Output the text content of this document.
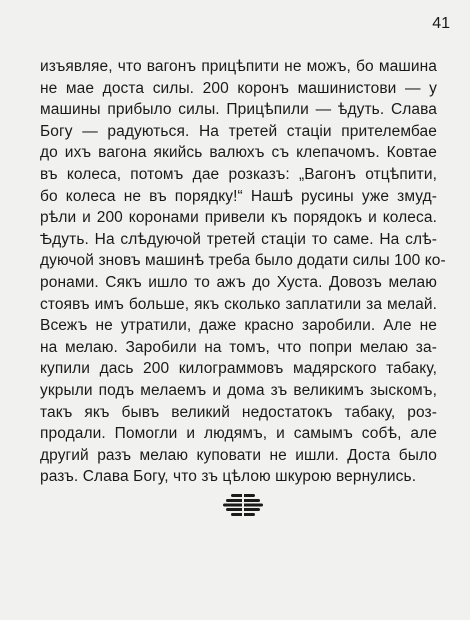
41
изъявляе, что вагонъ прицѣпити не можъ, бо машина
не мае доста силы. 200 коронъ машинистови — у
машины прибыло силы. Прицѣпили — ѣдуть. Слава
Богу — радуються. На третей стаціи прителембае
до ихъ вагона якийсь валюхъ съ клепачомъ. Ковтае
въ колеса, потомъ дае розказъ: „Вагонъ отцѣпити,
бо колеса не въ порядку!“ Нашѣ русины уже змуд-
рѣли и 200 коронами привели къ порядокъ и колеса.
Ѣдуть. На слѣдуючой третей стаціи то саме. На слѣ-
дуючой зновъ машинѣ треба было додати силы 100 ко-
ронами. Сякъ ишло то ажъ до Хуста. Довозъ мелаю
стоявъ имъ больше, якъ сколько заплатили за мелай.
Всежъ не утратили, даже красно заробили. Але не
на мелаю. Заробили на томъ, что попри мелаю за-
купили дась 200 килограммовъ мадярского табаку,
укрыли подъ мелаемъ и дома зъ великимъ зыскомъ,
такъ якъ бывъ великий недостатокъ табаку, роз-
продали. Помогли и людямъ, и самымъ собѣ, але
другий разъ мелаю куповати не ишли. Доста было
разъ. Слава Богу, что зъ цѣлою шкурою вернулись.
